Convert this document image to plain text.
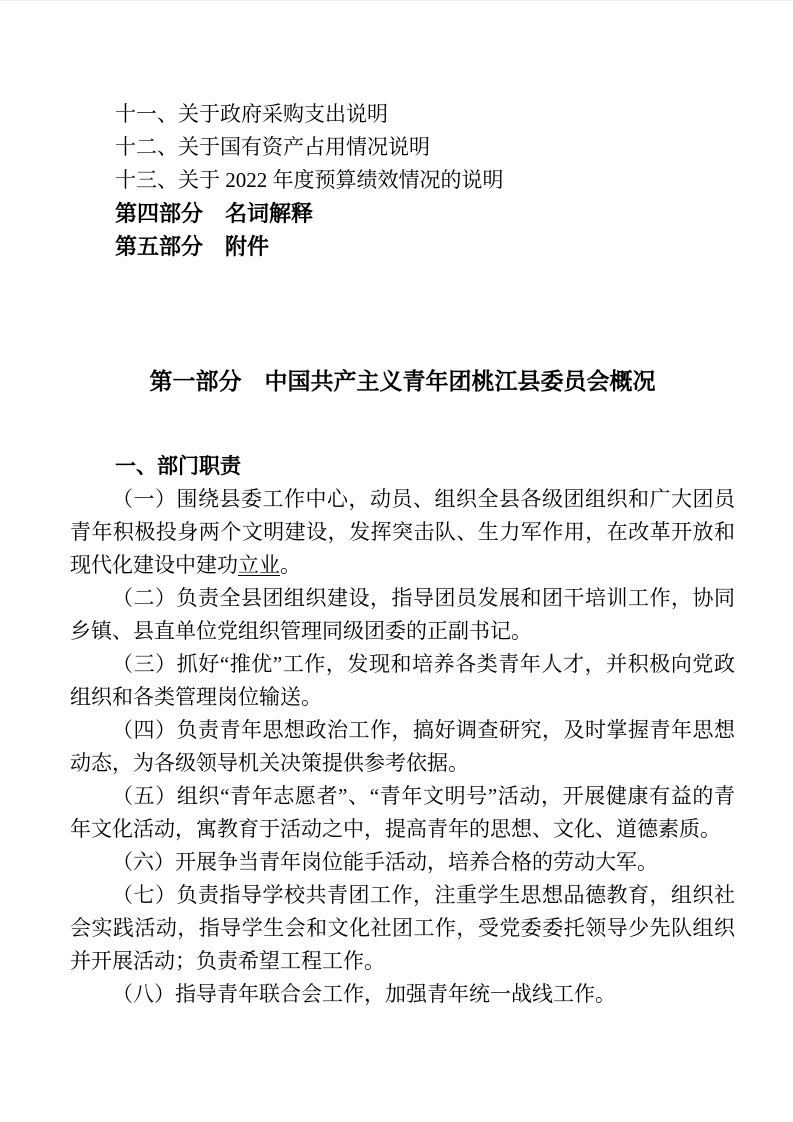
十一、关于政府采购支出说明

十二、关于国有资产占用情况说明

十三、关于 2022 年度预算绩效情况的说明

第四部分　名词解释

第五部分　附件

第一部分　中国共产主义青年团桃江县委员会概况
一、部门职责

（一）围绕县委工作中心，动员、组织全县各级团组织和广大团员青年积极投身两个文明建设，发挥突击队、生力军作用，在改革开放和现代化建设中建功立业。

（二）负责全县团组织建设，指导团员发展和团干培训工作，协同乡镇、县直单位党组织管理同级团委的正副书记。

（三）抓好“推优”工作，发现和培养各类青年人才，并积极向党政组织和各类管理岗位输送。

（四）负责青年思想政治工作，搞好调查研究，及时掌握青年思想动态，为各级领导机关决策提供参考依据。

（五）组织“青年志愿者”、“青年文明号”活动，开展健康有益的青年文化活动，寓教育于活动之中，提高青年的思想、文化、道德素质。

（六）开展争当青年岗位能手活动，培养合格的劳动大军。

（七）负责指导学校共青团工作，注重学生思想品德教育，组织社会实践活动，指导学生会和文化社团工作，受党委委托领导少先队组织并开展活动；负责希望工程工作。

（八）指导青年联合会工作，加强青年统一战线工作。
